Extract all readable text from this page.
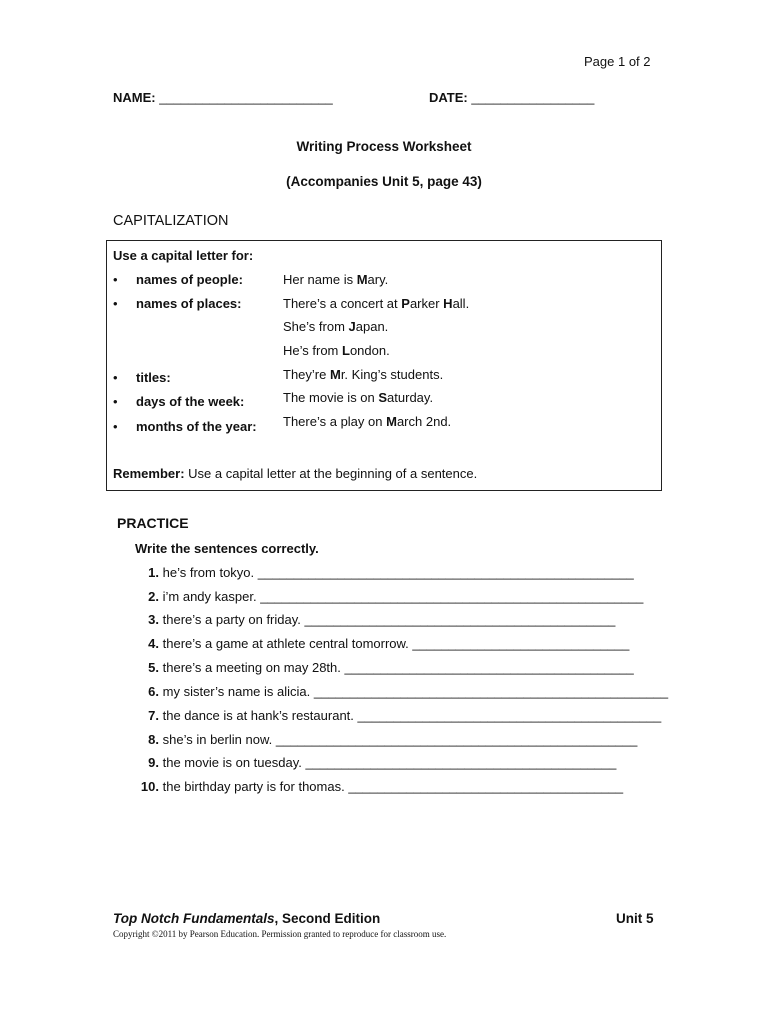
Page 1 of 2
NAME: ________________________	DATE: _________________
Writing Process Worksheet
(Accompanies Unit 5, page 43)
CAPITALIZATION
Use a capital letter for:
• names of people:	Her name is Mary.
• names of places:	There’s a concert at Parker Hall.
She’s from Japan.
He’s from London.
• titles:	They’re Mr. King’s students.
• days of the week:	The movie is on Saturday.
• months of the year: There’s a play on March 2nd.
Remember: Use a capital letter at the beginning of a sentence.
PRACTICE
Write the sentences correctly.
1. he’s from tokyo. ____________________________________________________
2. i’m andy kasper. _____________________________________________________
3. there’s a party on friday. ___________________________________________
4. there’s a game at athlete central tomorrow. ______________________________
5. there’s a meeting on may 28th. ________________________________________
6. my sister’s name is alicia. _________________________________________________
7. the dance is at hank’s restaurant. __________________________________________
8. she’s in berlin now. __________________________________________________
9. the movie is on tuesday. ___________________________________________
10. the birthday party is for thomas. ______________________________________
Top Notch Fundamentals, Second Edition	Unit 5
Copyright ©2011 by Pearson Education. Permission granted to reproduce for classroom use.
